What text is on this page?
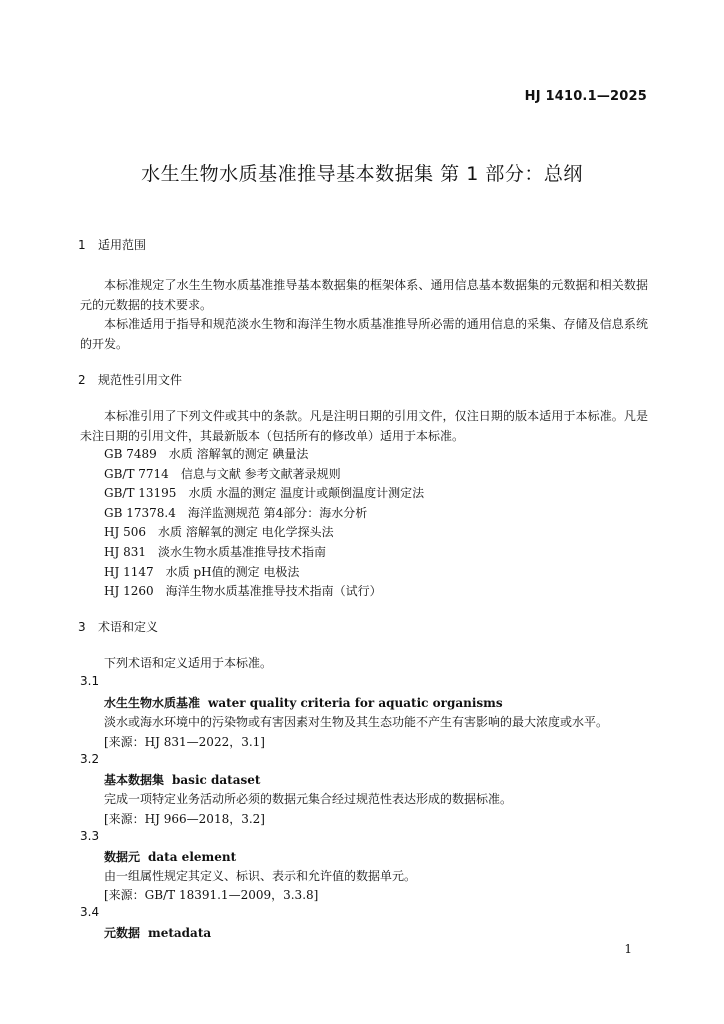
HJ 1410.1—2025
水生生物水质基准推导基本数据集 第 1 部分：总纲
1 适用范围

本标准规定了水生生物水质基准推导基本数据集的框架体系、通用信息基本数据集的元数据和相关数据元的元数据的技术要求。

本标准适用于指导和规范淡水生物和海洋生物水质基准推导所必需的通用信息的采集、存储及信息系统的开发。

2 规范性引用文件

本标准引用了下列文件或其中的条款。凡是注明日期的引用文件，仅注日期的版本适用于本标准。凡是未注日期的引用文件，其最新版本（包括所有的修改单）适用于本标准。

GB 7489 水质 溶解氧的测定 碘量法
GB/T 7714 信息与文献 参考文献著录规则
GB/T 13195 水质 水温的测定 温度计或颠倒温度计测定法
GB 17378.4 海洋监测规范 第4部分：海水分析
HJ 506 水质 溶解氧的测定 电化学探头法
HJ 831 淡水生物水质基准推导技术指南
HJ 1147 水质 pH值的测定 电极法
HJ 1260 海洋生物水质基准推导技术指南（试行）
3 术语和定义
下列术语和定义适用于本标准。
3.1
水生生物水质基准 water quality criteria for aquatic organisms
淡水或海水环境中的污染物或有害因素对生物及其生态功能不产生有害影响的最大浓度或水平。
[来源：HJ 831—2022，3.1]
3.2
基本数据集 basic dataset
完成一项特定业务活动所必须的数据元集合经过规范性表达形成的数据标准。
[来源：HJ 966—2018，3.2]
3.3
数据元 data element
由一组属性规定其定义、标识、表示和允许值的数据单元。
[来源：GB/T 18391.1—2009，3.3.8]
3.4
元数据 metadata
1
